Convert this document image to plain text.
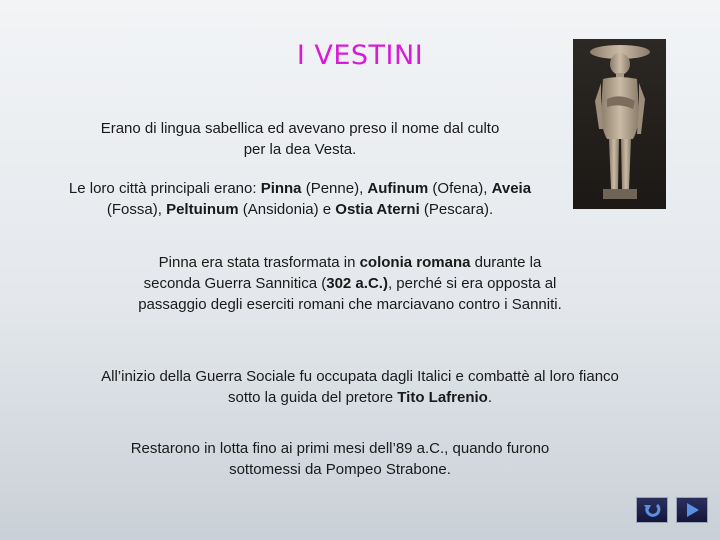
I VESTINI
Erano di lingua sabellica ed avevano preso il nome dal culto per la dea Vesta.
Le loro città principali erano: Pinna (Penne), Aufinum (Ofena), Aveia (Fossa), Peltuinum (Ansidonia) e Ostia Aterni (Pescara).
Pinna era stata trasformata in colonia romana durante la seconda Guerra Sannitica (302 a.C.), perché si era opposta al passaggio degli eserciti romani che marciavano contro i Sanniti.
All’inizio della Guerra Sociale fu occupata dagli Italici e combattè al loro fianco sotto la guida del pretore Tito Lafrenio.
Restarono in lotta fino ai primi mesi dell’89 a.C., quando furono sottomessi da Pompeo Strabone.
